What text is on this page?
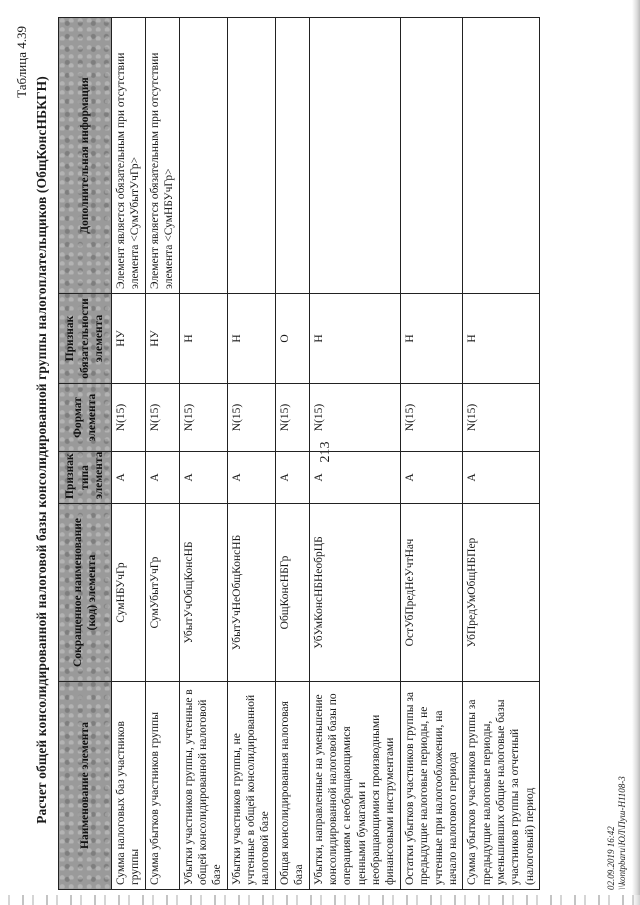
213
Таблица 4.39
Расчет общей консолидированной налоговой базы консолидированной группы налогоплательщиков (ОбщКонсНБКГН)	Наименование элемента	Сокращенное наименование (код) элемента	Признак типа элемента	Формат элемента	Признак обязательности элемента	Дополнительная информация
Сумма налоговых баз участников группы	СумНБУчГр	А	N(15)	НУ	Элемент является обязательным при отсутствии элемента <СумУбытУчГр>
Сумма убытков участников группы	СумУбытУчГр	А	N(15)	НУ	Элемент является обязательным при отсутствии элемента <СумНБУчГр>
Убытки участников группы, учтенные в общей консолидированной налоговой базе	УбытУчОбщКонсНБ	А	N(15)	Н	
Убытки участников группы, не учтенные в общей консолидированной налоговой базе	УбытУчНеОбщКонсНБ	А	N(15)	Н	
Общая консолидированная налоговая база	ОбщКонсНБГр	А	N(15)	О	
Убытки, направленные на уменьшение консолидированной налоговой базы по операциям с необращающимися ценными бумагами и необращающимися производными финансовыми инструментами	УбУмКонсНБНеобрЦБ	А	N(15)	Н	
Остатки убытков участников группы за предыдущие налоговые периоды, не учтенные при налогообложении, на начало налогового периода	ОстУбПредНеУчтНач	А	N(15)	Н	
Сумма убытков участников группы за предыдущие налоговые периоды, уменьшивших общие налоговые базы участников группы за отчетный (налоговый) период	УбПредУмОбщНБПер	А	N(15)	Н	
02.09.2019 16:42 \\kontpbaru\ЮЛ\Пуш-Н1108-3
